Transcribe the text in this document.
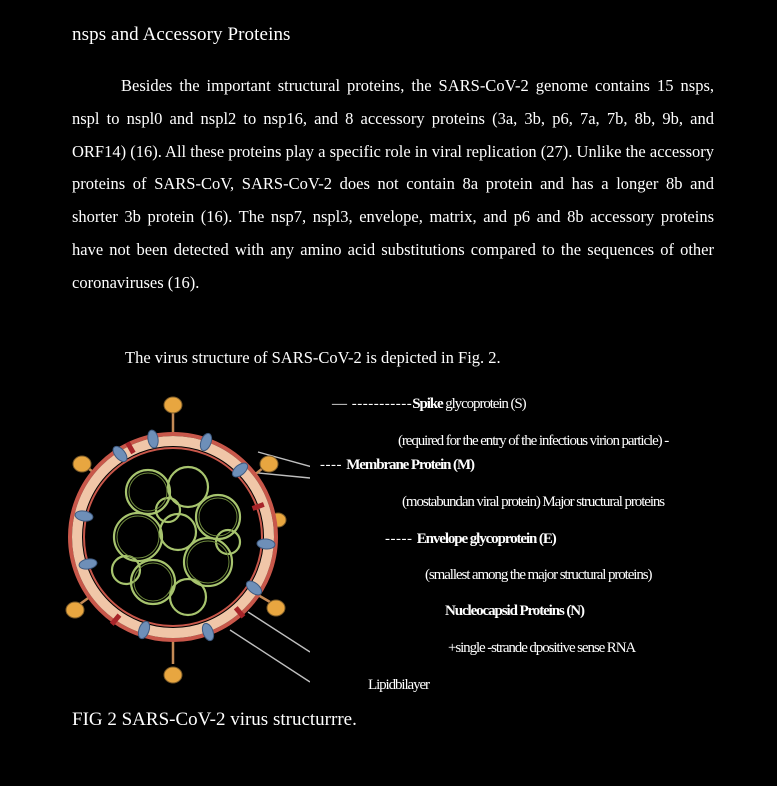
nsps and Accessory Proteins

Besides the important structural proteins, the SARS-CoV-2 genome contains 15 nsps, nspl to nspl0 and nspl2 to nsp16, and 8 accessory proteins (3a, 3b, p6, 7a, 7b, 8b, 9b, and ORF14) (16). All these proteins play a specific role in viral replication (27). Unlike the accessory proteins of SARS-CoV, SARS-CoV-2 does not contain 8a protein and has a longer 8b and shorter 3b protein (16). The nsp7, nspl3, envelope, matrix, and p6 and 8b accessory proteins have not been detected with any amino acid substitutions compared to the sequences of other coronaviruses (16).

The virus structure of SARS-CoV-2 is depicted in Fig. 2.

— -----------Spike glycoprotein (S)
(required for the entry of the infectious virion particle) -
---- Membrane Protein (M)
(mostabundan viral protein) Major structural proteins
----- Envelope glycoprotein (E)
(smallest among the major structural proteins)
Nucleocapsid Proteins (N)
+single -strande dpositive sense RNA
Lipidbilayer

FIG 2 SARS-CoV-2 virus structurrre.
